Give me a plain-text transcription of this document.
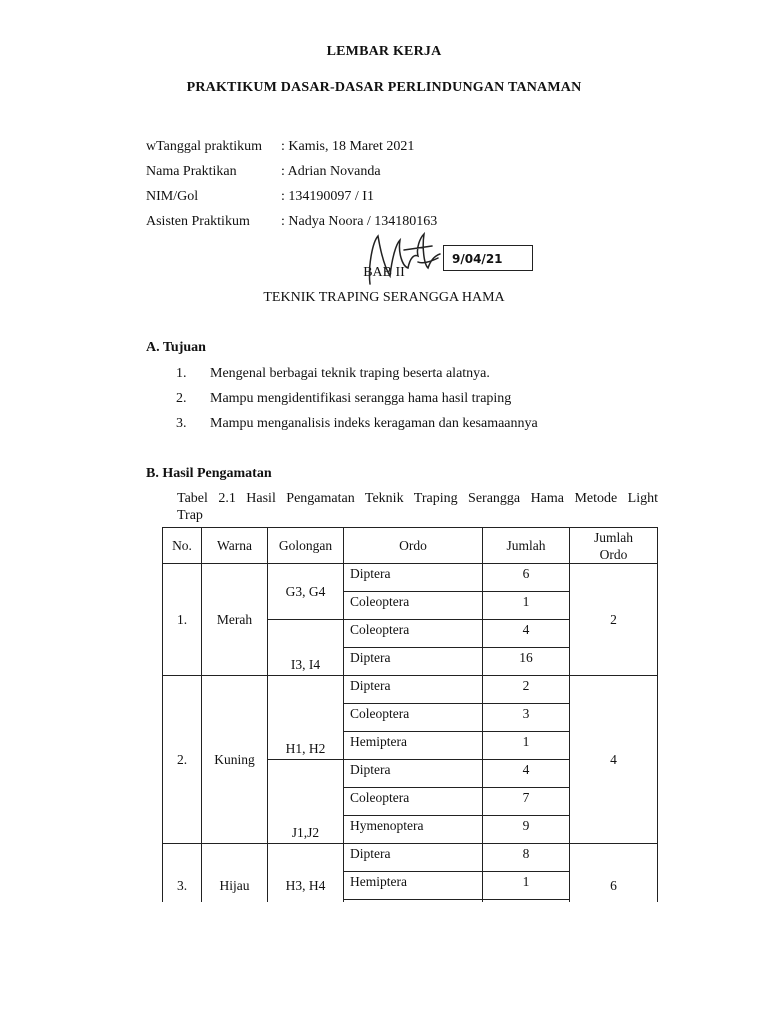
LEMBAR KERJA
PRAKTIKUM DASAR-DASAR PERLINDUNGAN TANAMAN
wTanggal praktikum	: Kamis, 18 Maret 2021
Nama Praktikan	: Adrian Novanda
NIM/Gol	: 134190097 / I1
Asisten Praktikum	: Nadya Noora / 134180163
BAB II
TEKNIK TRAPING SERANGGA HAMA
9/04/21
A. Tujuan
1. Mengenal berbagai teknik traping beserta alatnya.
2. Mampu mengidentifikasi serangga hama hasil traping
3. Mampu menganalisis indeks keragaman dan kesamaannya
B. Hasil Pengamatan
Tabel 2.1 Hasil Pengamatan Teknik Traping Serangga Hama Metode Light
Trap
No.	Warna	Golongan	Ordo	Jumlah	Jumlah
Ordo
1.	Merah	G3, G4	Diptera	6	2
			Coleoptera	1	
		I3, I4	Coleoptera	4	
			Diptera	16	
2.	Kuning	H1, H2	Diptera	2	4
			Coleoptera	3	
			Hemiptera	1	
		J1,J2	Diptera	4	
			Coleoptera	7	
			Hymenoptera	9	
3.	Hijau	H3, H4	Diptera	8	6
			Hemiptera	1	
